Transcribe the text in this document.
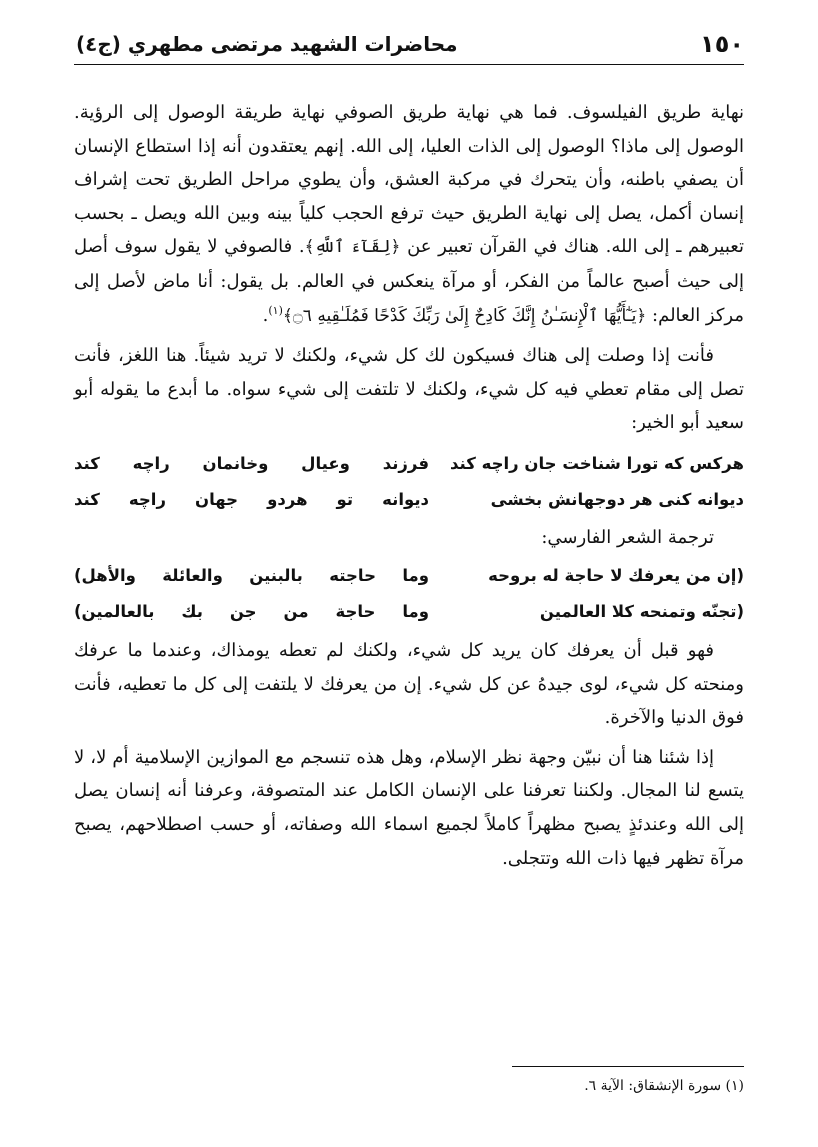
١٥٠
محاضرات الشهيد مرتضى مطهري (ج٤)

نهاية طريق الفيلسوف. فما هي نهاية طريق الصوفي نهاية طريقة الوصول إلى الرؤية. الوصول إلى ماذا؟ الوصول إلى الذات العليا، إلى الله. إنهم يعتقدون أنه إذا استطاع الإنسان أن يصفي باطنه، وأن يتحرك في مركبة العشق، وأن يطوي مراحل الطريق تحت إشراف إنسان أكمل، يصل إلى نهاية الطريق حيث ترفع الحجب كلياً بينه وبين الله ويصل ـ بحسب تعبيرهم ـ إلى الله. هناك في القرآن تعبير عن ﴿لِقَآءَ ٱللَّهِ﴾. فالصوفي لا يقول سوف أصل إلى حيث أصبح عالماً من الفكر، أو مرآة ينعكس في العالم. بل يقول: أنا ماض لأصل إلى مركز العالم: ﴿يَـٰٓأَيُّهَا ٱلْإِنسَـٰنُ إِنَّكَ كَادِحٌ إِلَىٰ رَبِّكَ كَدْحًا فَمُلَـٰقِيهِ ۝٦﴾$^{(١)}$.

فأنت إذا وصلت إلى هناك فسيكون لك كل شيء، ولكنك لا تريد شيئاً. هنا اللغز، فأنت تصل إلى مقام تعطي فيه كل شيء، ولكنك لا تلتفت إلى شيء سواه. ما أبدع ما يقوله أبو سعيد أبو الخير:

هركس كه تورا شناخت جان راچه كند
فرزند وعيال وخانمان راچه كند
ديوانه كنى هر دوجهانش بخشى
ديوانه تو هردو جهان راچه كند
ترجمة الشعر الفارسي:
(إن من يعرفك لا حاجة له بروحه
وما حاجته بالبنين والعائلة والأهل)
(تجنّه وتمنحه كلا العالمين
وما حاجة من جن بك بالعالمين)

فهو قبل أن يعرفك كان يريد كل شيء، ولكنك لم تعطه يومذاك، وعندما ما عرفك ومنحته كل شيء، لوى جيدهُ عن كل شيء. إن من يعرفك لا يلتفت إلى كل ما تعطيه، فأنت فوق الدنيا والآخرة.

إذا شئنا هنا أن نبيّن وجهة نظر الإسلام، وهل هذه تنسجم مع الموازين الإسلامية أم لا، لا يتسع لنا المجال. ولكننا تعرفنا على الإنسان الكامل عند المتصوفة، وعرفنا أنه إنسان يصل إلى الله وعندئذٍ يصبح مظهراً كاملاً لجميع اسماء الله وصفاته، أو حسب اصطلاحهم، يصبح مرآة تظهر فيها ذات الله وتتجلى.

(١) سورة الإنشقاق: الآية ٦.
